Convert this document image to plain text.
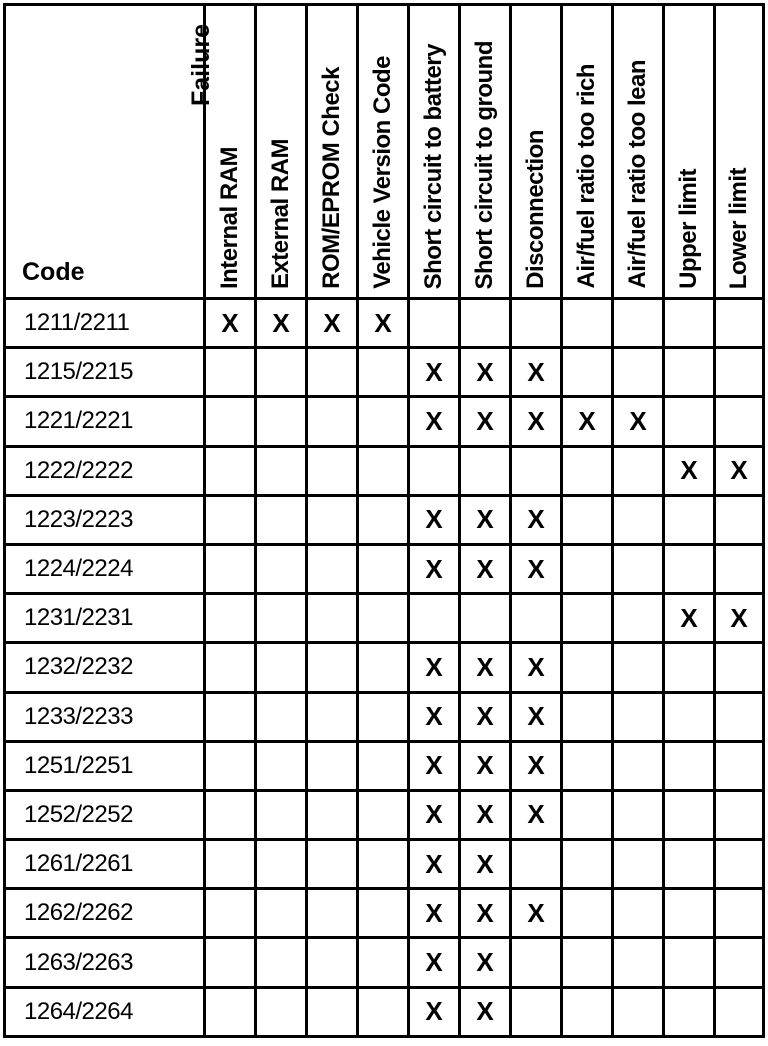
Failure
Code	Internal RAM	External RAM	ROM/EPROM Check	Vehicle Version Code	Short circuit to battery	Short circuit to ground	Disconnection	Air/fuel ratio too rich	Air/fuel ratio too lean	Upper limit	Lower limit

1211/2211	X	X	X	X							
1215/2215					X	X	X				
1221/2221					X	X	X	X	X		
1222/2222										X	X
1223/2223					X	X	X				
1224/2224					X	X	X				
1231/2231										X	X
1232/2232					X	X	X				
1233/2233					X	X	X				
1251/2251					X	X	X				
1252/2252					X	X	X				
1261/2261					X	X					
1262/2262					X	X	X				
1263/2263					X	X					
1264/2264					X	X					
